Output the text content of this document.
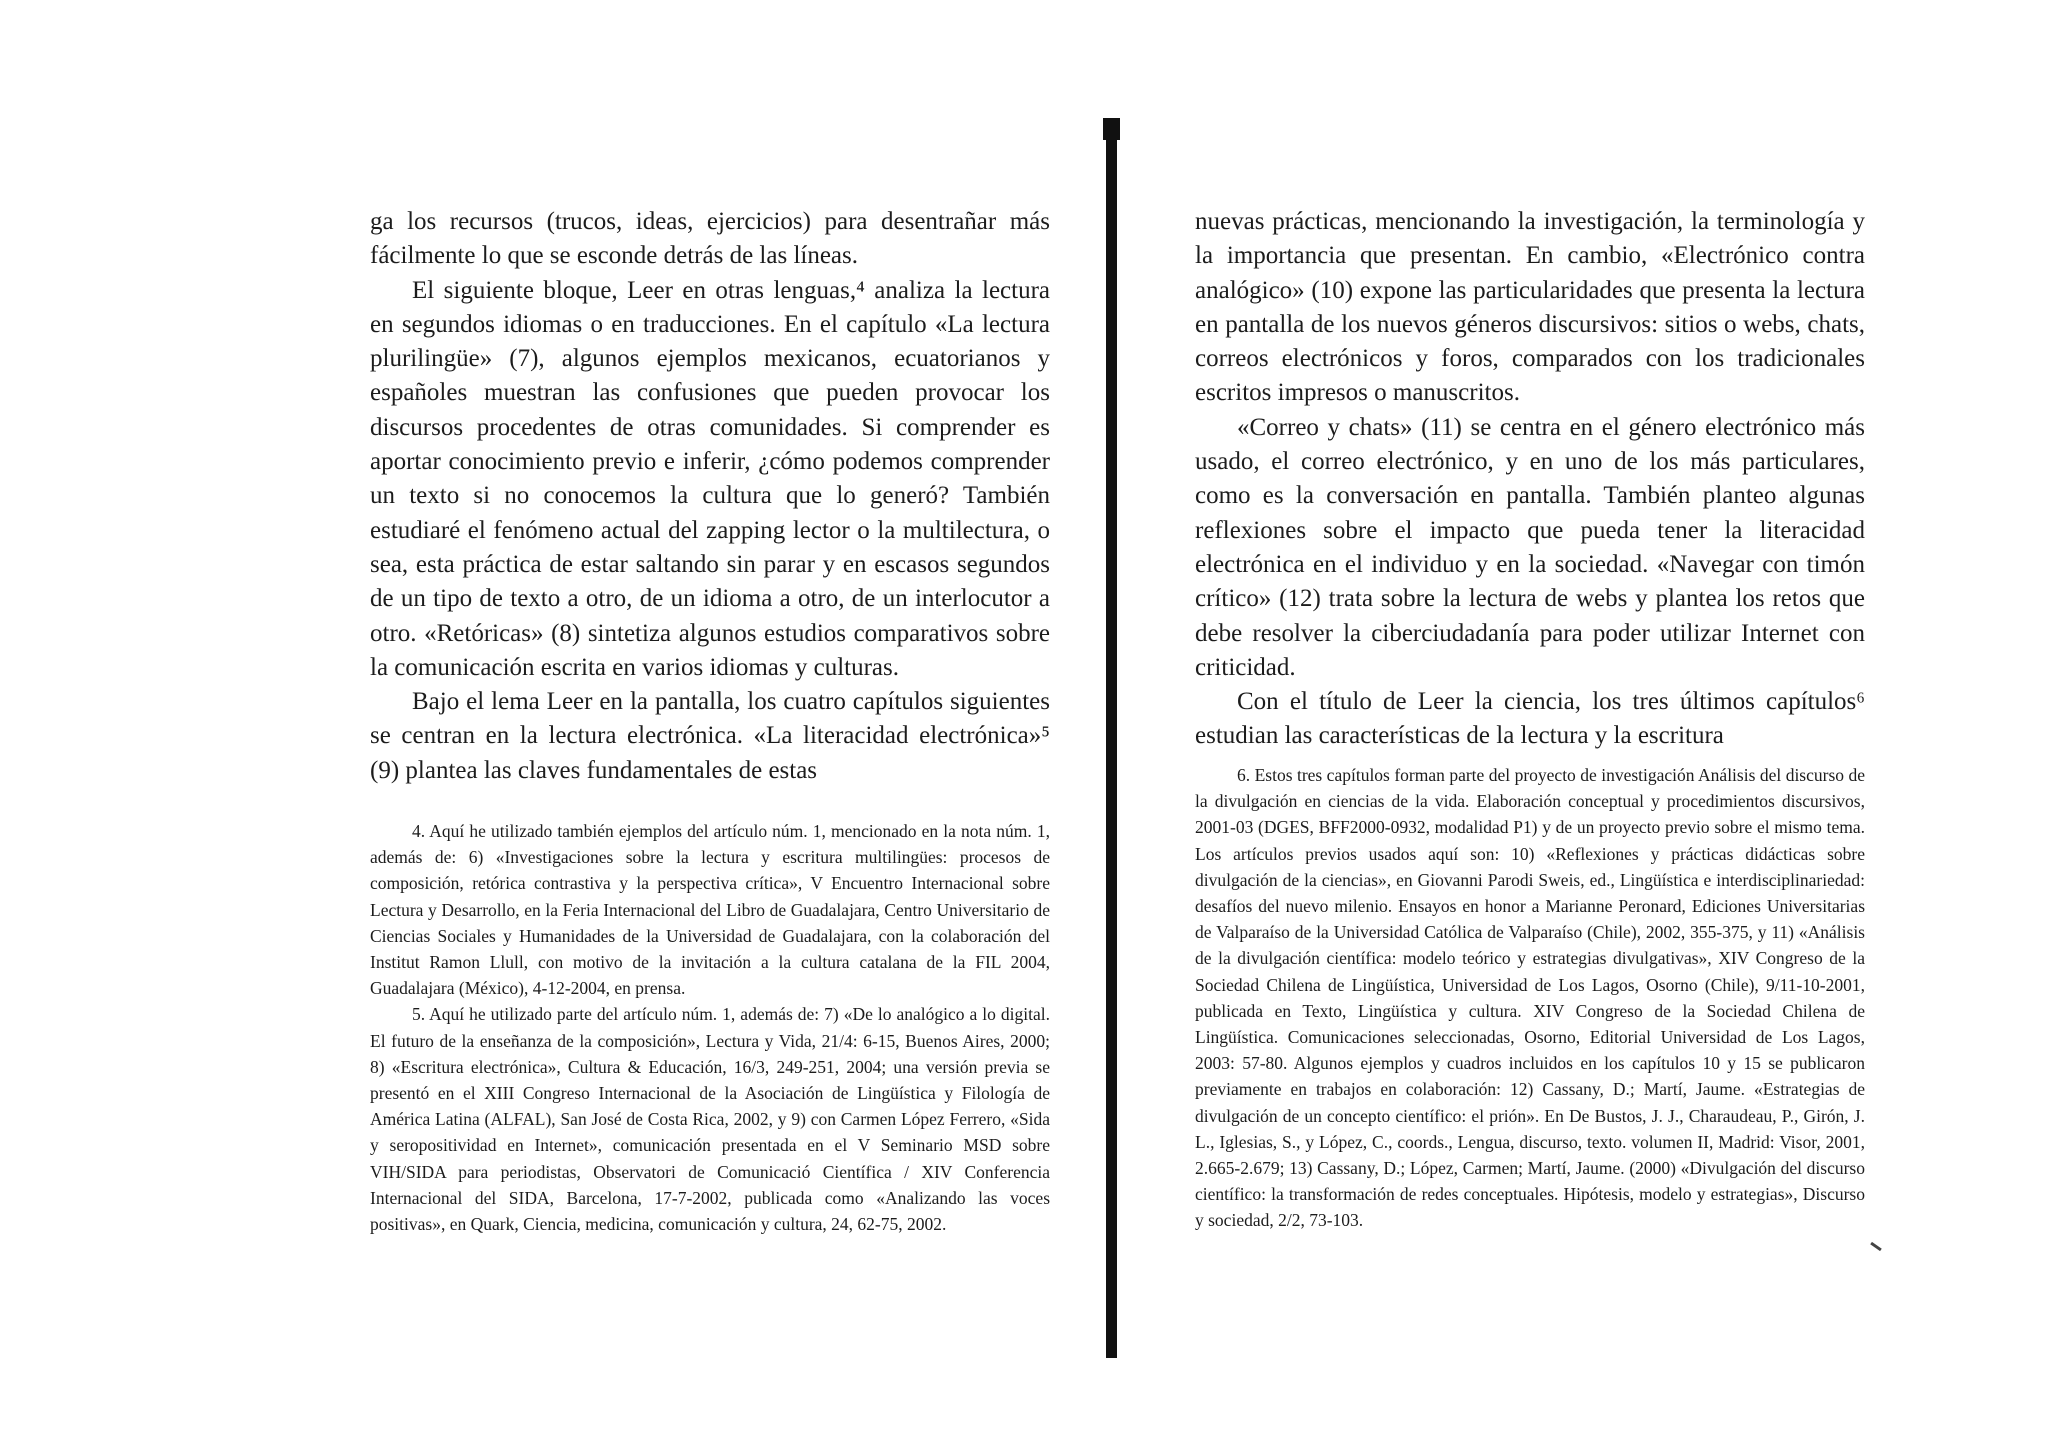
ga los recursos (trucos, ideas, ejercicios) para desentrañar más fácilmente lo que se esconde detrás de las líneas.

El siguiente bloque, Leer en otras lenguas,⁴ analiza la lectura en segundos idiomas o en traducciones. En el capítulo «La lectura plurilingüe» (7), algunos ejemplos mexicanos, ecuatorianos y españoles muestran las confusiones que pueden provocar los discursos procedentes de otras comunidades. Si comprender es aportar conocimiento previo e inferir, ¿cómo podemos comprender un texto si no conocemos la cultura que lo generó? También estudiaré el fenómeno actual del zapping lector o la multilectura, o sea, esta práctica de estar saltando sin parar y en escasos segundos de un tipo de texto a otro, de un idioma a otro, de un interlocutor a otro. «Retóricas» (8) sintetiza algunos estudios comparativos sobre la comunicación escrita en varios idiomas y culturas.

Bajo el lema Leer en la pantalla, los cuatro capítulos siguientes se centran en la lectura electrónica. «La literacidad electrónica»⁵ (9) plantea las claves fundamentales de estas

4. Aquí he utilizado también ejemplos del artículo núm. 1, mencionado en la nota núm. 1, además de: 6) «Investigaciones sobre la lectura y escritura multilingües: procesos de composición, retórica contrastiva y la perspectiva crítica», V Encuentro Internacional sobre Lectura y Desarrollo, en la Feria Internacional del Libro de Guadalajara, Centro Universitario de Ciencias Sociales y Humanidades de la Universidad de Guadalajara, con la colaboración del Institut Ramon Llull, con motivo de la invitación a la cultura catalana de la FIL 2004, Guadalajara (México), 4-12-2004, en prensa.

5. Aquí he utilizado parte del artículo núm. 1, además de: 7) «De lo analógico a lo digital. El futuro de la enseñanza de la composición», Lectura y Vida, 21/4: 6-15, Buenos Aires, 2000; 8) «Escritura electrónica», Cultura & Educación, 16/3, 249-251, 2004; una versión previa se presentó en el XIII Congreso Internacional de la Asociación de Lingüística y Filología de América Latina (ALFAL), San José de Costa Rica, 2002, y 9) con Carmen López Ferrero, «Sida y seropositividad en Internet», comunicación presentada en el V Seminario MSD sobre VIH/SIDA para periodistas, Observatori de Comunicació Científica / XIV Conferencia Internacional del SIDA, Barcelona, 17-7-2002, publicada como «Analizando las voces positivas», en Quark, Ciencia, medicina, comunicación y cultura, 24, 62-75, 2002.

nuevas prácticas, mencionando la investigación, la terminología y la importancia que presentan. En cambio, «Electrónico contra analógico» (10) expone las particularidades que presenta la lectura en pantalla de los nuevos géneros discursivos: sitios o webs, chats, correos electrónicos y foros, comparados con los tradicionales escritos impresos o manuscritos.

«Correo y chats» (11) se centra en el género electrónico más usado, el correo electrónico, y en uno de los más particulares, como es la conversación en pantalla. También planteo algunas reflexiones sobre el impacto que pueda tener la literacidad electrónica en el individuo y en la sociedad. «Navegar con timón crítico» (12) trata sobre la lectura de webs y plantea los retos que debe resolver la ciberciudadanía para poder utilizar Internet con criticidad.

Con el título de Leer la ciencia, los tres últimos capítulos⁶ estudian las características de la lectura y la escritura

6. Estos tres capítulos forman parte del proyecto de investigación Análisis del discurso de la divulgación en ciencias de la vida. Elaboración conceptual y procedimientos discursivos, 2001-03 (DGES, BFF2000-0932, modalidad P1) y de un proyecto previo sobre el mismo tema. Los artículos previos usados aquí son: 10) «Reflexiones y prácticas didácticas sobre divulgación de la ciencias», en Giovanni Parodi Sweis, ed., Lingüística e interdisciplinariedad: desafíos del nuevo milenio. Ensayos en honor a Marianne Peronard, Ediciones Universitarias de Valparaíso de la Universidad Católica de Valparaíso (Chile), 2002, 355-375, y 11) «Análisis de la divulgación científica: modelo teórico y estrategias divulgativas», XIV Congreso de la Sociedad Chilena de Lingüística, Universidad de Los Lagos, Osorno (Chile), 9/11-10-2001, publicada en Texto, Lingüística y cultura. XIV Congreso de la Sociedad Chilena de Lingüística. Comunicaciones seleccionadas, Osorno, Editorial Universidad de Los Lagos, 2003: 57-80. Algunos ejemplos y cuadros incluidos en los capítulos 10 y 15 se publicaron previamente en trabajos en colaboración: 12) Cassany, D.; Martí, Jaume. «Estrategias de divulgación de un concepto científico: el prión». En De Bustos, J. J., Charaudeau, P., Girón, J. L., Iglesias, S., y López, C., coords., Lengua, discurso, texto. volumen II, Madrid: Visor, 2001, 2.665-2.679; 13) Cassany, D.; López, Carmen; Martí, Jaume. (2000) «Divulgación del discurso científico: la transformación de redes conceptuales. Hipótesis, modelo y estrategias», Discurso y sociedad, 2/2, 73-103.
